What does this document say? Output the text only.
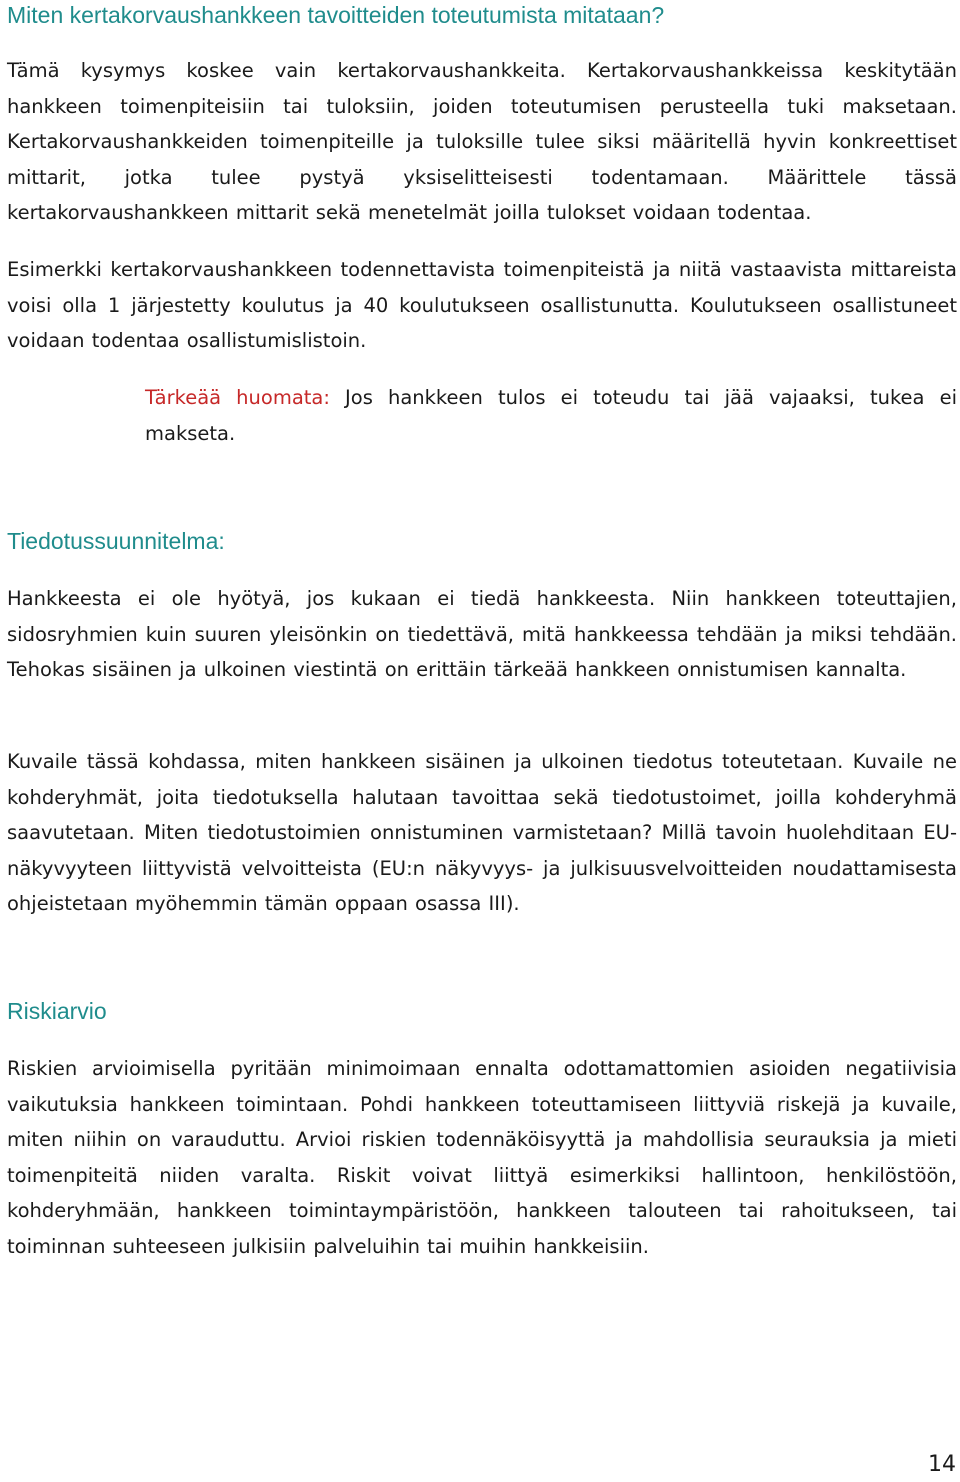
Miten kertakorvaushankkeen tavoitteiden toteutumista mitataan?

Tämä kysymys koskee vain kertakorvaushankkeita. Kertakorvaushankkeissa keskitytään hankkeen toimenpiteisiin tai tuloksiin, joiden toteutumisen perusteella tuki maksetaan. Kertakorvaushankkeiden toimenpiteille ja tuloksille tulee siksi määritellä hyvin konkreettiset mittarit, jotka tulee pystyä yksiselitteisesti todentamaan. Määrittele tässä kertakorvaushankkeen mittarit sekä menetelmät joilla tulokset voidaan todentaa.

Esimerkki kertakorvaushankkeen todennettavista toimenpiteistä ja niitä vastaavista mittareista voisi olla 1 järjestetty koulutus ja 40 koulutukseen osallistunutta. Koulutukseen osallistuneet voidaan todentaa osallistumislistoin.

Tärkeää huomata: Jos hankkeen tulos ei toteudu tai jää vajaaksi, tukea ei makseta.

Tiedotussuunnitelma:

Hankkeesta ei ole hyötyä, jos kukaan ei tiedä hankkeesta. Niin hankkeen toteuttajien, sidosryhmien kuin suuren yleisönkin on tiedettävä, mitä hankkeessa tehdään ja miksi tehdään. Tehokas sisäinen ja ulkoinen viestintä on erittäin tärkeää hankkeen onnistumisen kannalta.

Kuvaile tässä kohdassa, miten hankkeen sisäinen ja ulkoinen tiedotus toteutetaan. Kuvaile ne kohderyhmät, joita tiedotuksella halutaan tavoittaa sekä tiedotustoimet, joilla kohderyhmä saavutetaan. Miten tiedotustoimien onnistuminen varmistetaan? Millä tavoin huolehditaan EU-näkyvyyteen liittyvistä velvoitteista (EU:n näkyvyys- ja julkisuusvelvoitteiden noudattamisesta ohjeistetaan myöhemmin tämän oppaan osassa III).

Riskiarvio

Riskien arvioimisella pyritään minimoimaan ennalta odottamattomien asioiden negatiivisia vaikutuksia hankkeen toimintaan. Pohdi hankkeen toteuttamiseen liittyviä riskejä ja kuvaile, miten niihin on varauduttu. Arvioi riskien todennäköisyyttä ja mahdollisia seurauksia ja mieti toimenpiteitä niiden varalta. Riskit voivat liittyä esimerkiksi hallintoon, henkilöstöön, kohderyhmään, hankkeen toimintaympäristöön, hankkeen talouteen tai rahoitukseen, tai toiminnan suhteeseen julkisiin palveluihin tai muihin hankkeisiin.

14
